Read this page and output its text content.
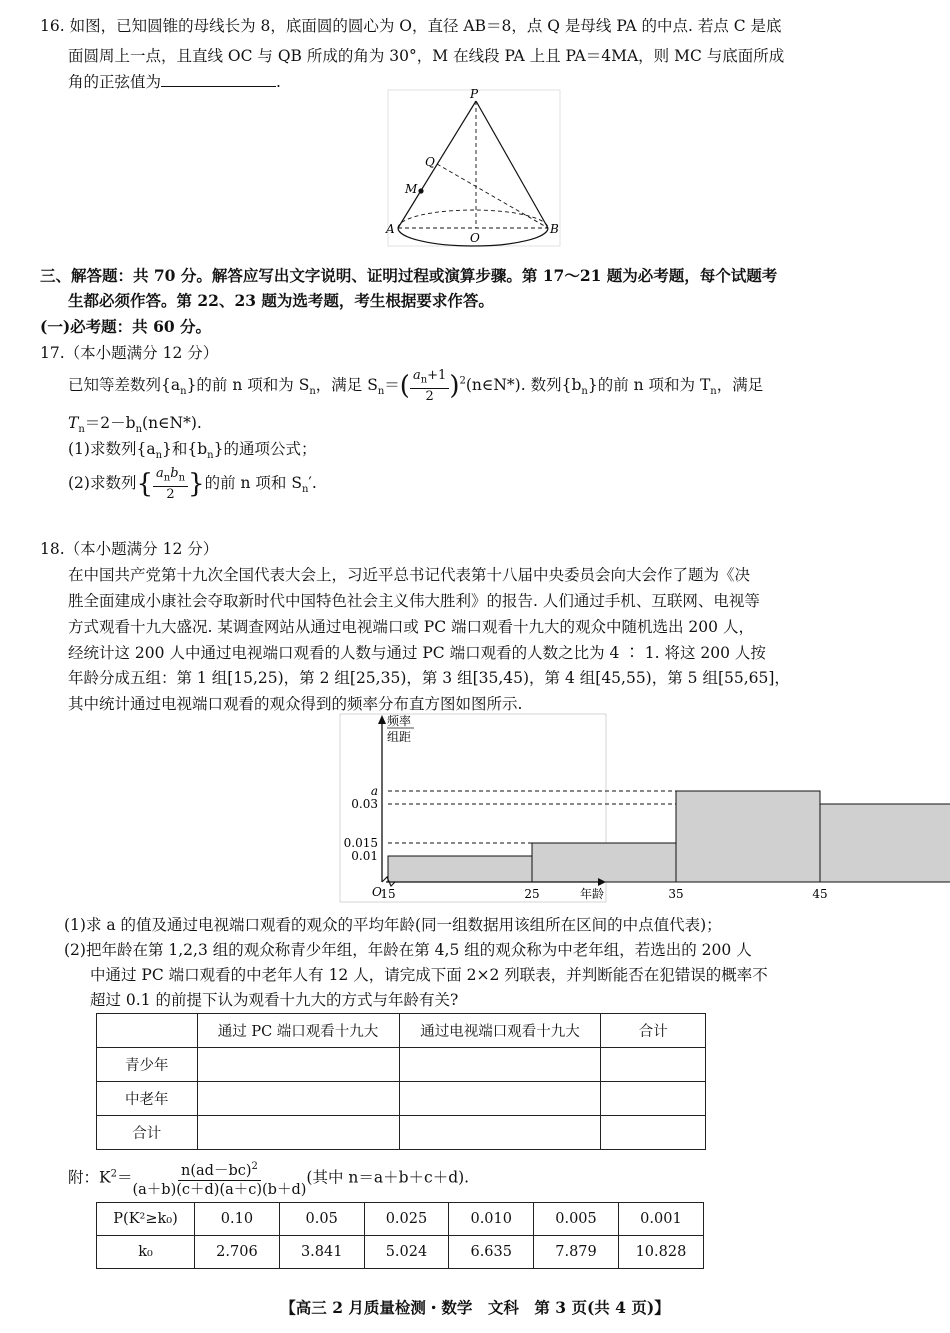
16. 如图，已知圆锥的母线长为 8，底面圆的圆心为 O，直径 AB＝8，点 Q 是母线 PA 的中点. 若点 C 是底
面圆周上一点，且直线 OC 与 QB 所成的角为 30°，M 在线段 PA 上且 PA＝4MA，则 MC 与底面所成
角的正弦值为	.
P
Q
M
A
O
B
三、解答题：共 70 分。解答应写出文字说明、证明过程或演算步骤。第 17～21 题为必考题，每个试题考
生都必须作答。第 22、23 题为选考题，考生根据要求作答。
(一)必考题：共 60 分。
17.（本小题满分 12 分）
已知等差数列$\{a_n\}$的前 n 项和为 $S_n$，满足 $S_n=( \frac{a_n+1}{2}$ )$^2(n\in N*)$. 数列$\{b_n\}$的前 n 项和为 $T_n$，满足
$T_n=2-b_n(n\in N*)$.
(1)求数列$\{a_n\}$和$\{b_n\}$的通项公式；
(2)求数列{ $\frac{a_nb_n}{2}$ }的前 n 项和 $S_n'$.
18.（本小题满分 12 分）
在中国共产党第十九次全国代表大会上，习近平总书记代表第十八届中央委员会向大会作了题为《决
胜全面建成小康社会夺取新时代中国特色社会主义伟大胜利》的报告. 人们通过手机、互联网、电视等
方式观看十九大盛况. 某调查网站从通过电视端口或 PC 端口观看十九大的观众中随机选出 200 人，
经统计这 200 人中通过电视端口观看的人数与通过 PC 端口观看的人数之比为 4 ∶ 1. 将这 200 人按
年龄分成五组：第 1 组[15,25)，第 2 组[25,35)，第 3 组[35,45)，第 4 组[45,55)，第 5 组[55,65]，
其中统计通过电视端口观看的观众得到的频率分布直方图如图所示.
a
0.03
0.015
0.01
15	25	35	45
年龄
O
频率
组距
(1)求 a 的值及通过电视端口观看的观众的平均年龄(同一组数据用该组所在区间的中点值代表)；
(2)把年龄在第 1,2,3 组的观众称青少年组，年龄在第 4,5 组的观众称为中老年组，若选出的 200 人
中通过 PC 端口观看的中老年人有 12 人，请完成下面 2×2 列联表，并判断能否在犯错误的概率不
超过 0.1 的前提下认为观看十九大的方式与年龄有关?
	通过 PC 端口观看十九大	通过电视端口观看十九大	合计
青少年			
中老年			
合计			
附：$K^2= \frac{n(ad-bc)^2}{(a+b)(c+d)(a+c)(b+d)}$ (其中 n＝a＋b＋c＋d).
P(K²≥k₀)	0.10	0.05	0.025	0.010	0.005	0.001
k₀	2.706	3.841	5.024	6.635	7.879	10.828
【高三 2 月质量检测・数学　文科　第 3 页(共 4 页)】
